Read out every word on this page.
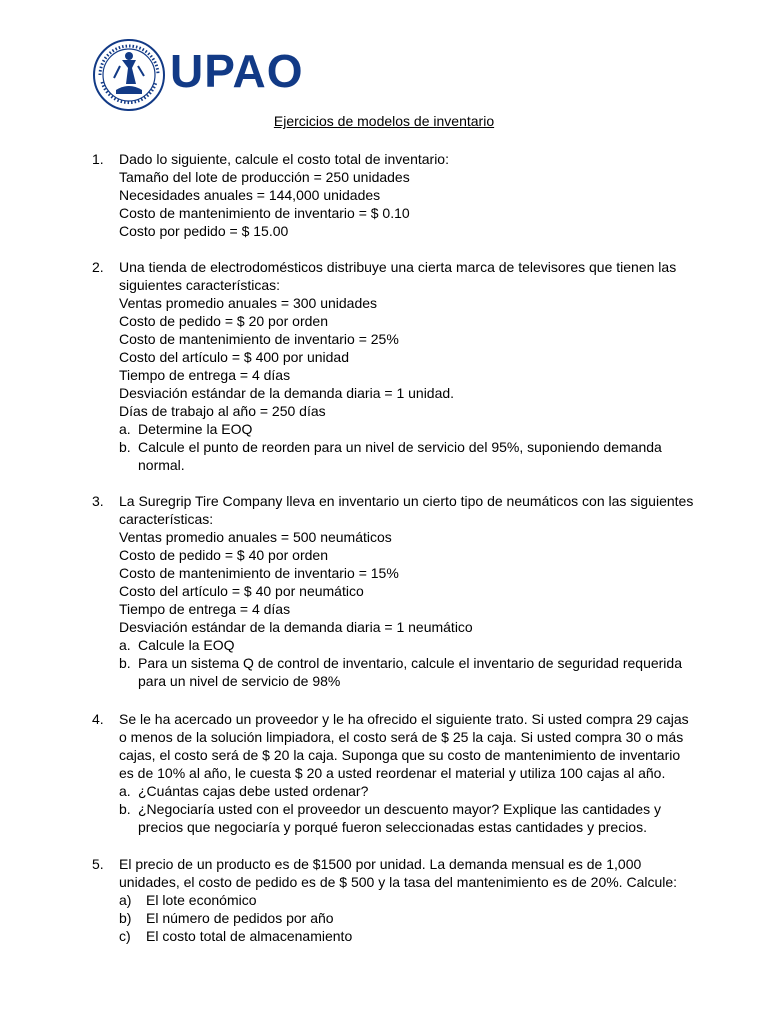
UPAO
Ejercicios de modelos de inventario
1. Dado lo siguiente, calcule el costo total de inventario:
Tamaño del lote de producción = 250 unidades
Necesidades anuales = 144,000 unidades
Costo de mantenimiento de inventario = $ 0.10
Costo por pedido = $ 15.00
2. Una tienda de electrodomésticos distribuye una cierta marca de televisores que tienen las
siguientes características:
Ventas promedio anuales = 300 unidades
Costo de pedido = $ 20 por orden
Costo de mantenimiento de inventario = 25%
Costo del artículo = $ 400 por unidad
Tiempo de entrega = 4 días
Desviación estándar de la demanda diaria = 1 unidad.
Días de trabajo al año = 250 días
a. Determine la EOQ
b. Calcule el punto de reorden para un nivel de servicio del 95%, suponiendo demanda normal.
3. La Suregrip Tire Company lleva en inventario un cierto tipo de neumáticos con las siguientes
características:
Ventas promedio anuales = 500 neumáticos
Costo de pedido = $ 40 por orden
Costo de mantenimiento de inventario = 15%
Costo del artículo = $ 40 por neumático
Tiempo de entrega = 4 días
Desviación estándar de la demanda diaria = 1 neumático
a. Calcule la EOQ
b. Para un sistema Q de control de inventario, calcule el inventario de seguridad requerida para un nivel de servicio de 98%
4. Se le ha acercado un proveedor y le ha ofrecido el siguiente trato. Si usted compra 29 cajas o menos de la solución limpiadora, el costo será de $ 25 la caja. Si usted compra 30 o más cajas, el costo será de $ 20 la caja. Suponga que su costo de mantenimiento de inventario es de 10% al año, le cuesta $ 20 a usted reordenar el material y utiliza 100 cajas al año.
a. ¿Cuántas cajas debe usted ordenar?
b. ¿Negociaría usted con el proveedor un descuento mayor? Explique las cantidades y precios que negociaría y porqué fueron seleccionadas estas cantidades y precios.
5. El precio de un producto es de $1500 por unidad. La demanda mensual es de 1,000 unidades, el costo de pedido es de $ 500 y la tasa del mantenimiento es de 20%. Calcule:
a) El lote económico
b) El número de pedidos por año
c) El costo total de almacenamiento
